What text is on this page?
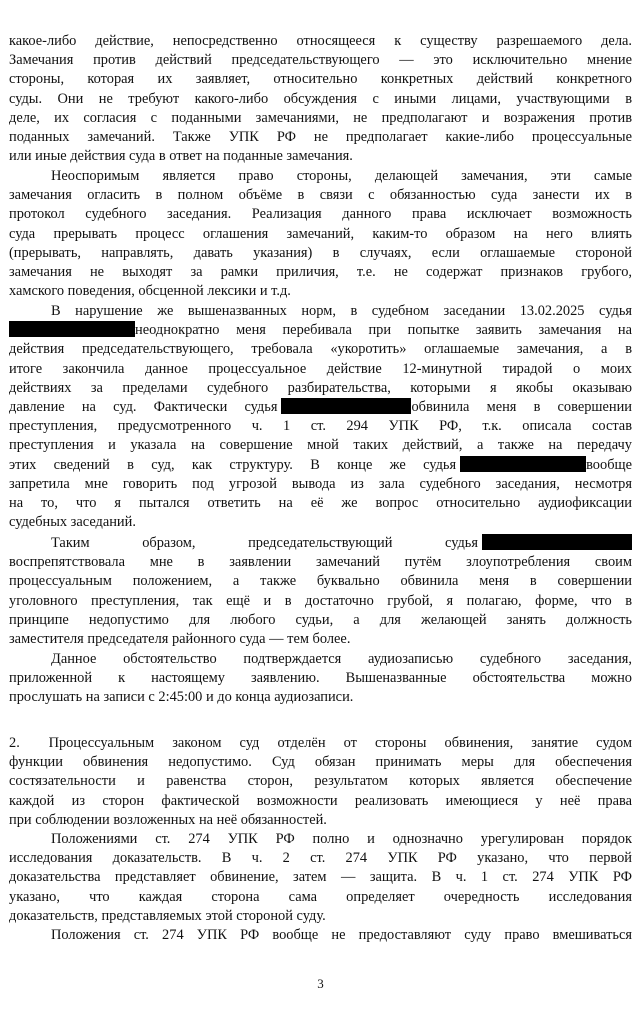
3
какое-либо действие, непосредственно относящееся к существу разрешаемого дела.
Замечания против действий председательствующего — это исключительно мнение
стороны, которая их заявляет, относительно конкретных действий конкретного
суды. Они не требуют какого-либо обсуждения с иными лицами, участвующими в
деле, их согласия с поданными замечаниями, не предполагают и возражения против
поданных замечаний. Также УПК РФ не предполагает какие-либо процессуальные
или иные действия суда в ответ на поданные замечания.
Неоспоримым является право стороны, делающей замечания, эти самые
замечания огласить в полном объёме в связи с обязанностью суда занести их в
протокол судебного заседания. Реализация данного права исключает возможность
суда прерывать процесс оглашения замечаний, каким-то образом на него влиять
(прерывать, направлять, давать указания) в случаях, если оглашаемые стороной
замечания не выходят за рамки приличия, т.е. не содержат признаков грубого,
хамского поведения, обсценной лексики и т.д.
В нарушение же вышеназванных норм, в судебном заседании 13.02.2025 судья
неоднократно меня перебивала при попытке заявить замечания на
действия председательствующего, требовала «укоротить» оглашаемые замечания, а в
итоге закончила данное процессуальное действие 12-минутной тирадой о моих
действиях за пределами судебного разбирательства, которыми я якобы оказываю
давление на суд. Фактически судья	обвинила меня в совершении
преступления, предусмотренного ч. 1 ст. 294 УПК РФ, т.к. описала состав
преступления и указала на совершение мной таких действий, а также на передачу
этих сведений в суд, как структуру. В конце же судья	вообще
запретила мне говорить под угрозой вывода из зала судебного заседания, несмотря
на то, что я пытался ответить на её же вопрос относительно аудиофиксации
судебных заседаний.
Таким образом, председательствующий судья
воспрепятствовала мне в заявлении замечаний путём злоупотребления своим
процессуальным положением, а также буквально обвинила меня в совершении
уголовного преступления, так ещё и в достаточно грубой, я полагаю, форме, что в
принципе недопустимо для любого судьи, а для желающей занять должность
заместителя председателя районного суда — тем более.
Данное обстоятельство подтверждается аудиозаписью судебного заседания,
приложенной к настоящему заявлению. Вышеназванные обстоятельства можно
прослушать на записи с 2:45:00 и до конца аудиозаписи.
2.  Процессуальным законом суд отделён от стороны обвинения, занятие судом
функции обвинения недопустимо. Суд обязан принимать меры для обеспечения
состязательности и равенства сторон, результатом которых является обеспечение
каждой из сторон фактической возможности реализовать имеющиеся у неё права
при соблюдении возложенных на неё обязанностей.
Положениями ст. 274 УПК РФ полно и однозначно урегулирован порядок
исследования доказательств. В ч. 2 ст. 274 УПК РФ указано, что первой
доказательства представляет обвинение, затем — защита. В ч. 1 ст. 274 УПК РФ
указано, что каждая сторона сама определяет очередность исследования
доказательств, представляемых этой стороной суду.
Положения ст. 274 УПК РФ вообще не предоставляют суду право вмешиваться
